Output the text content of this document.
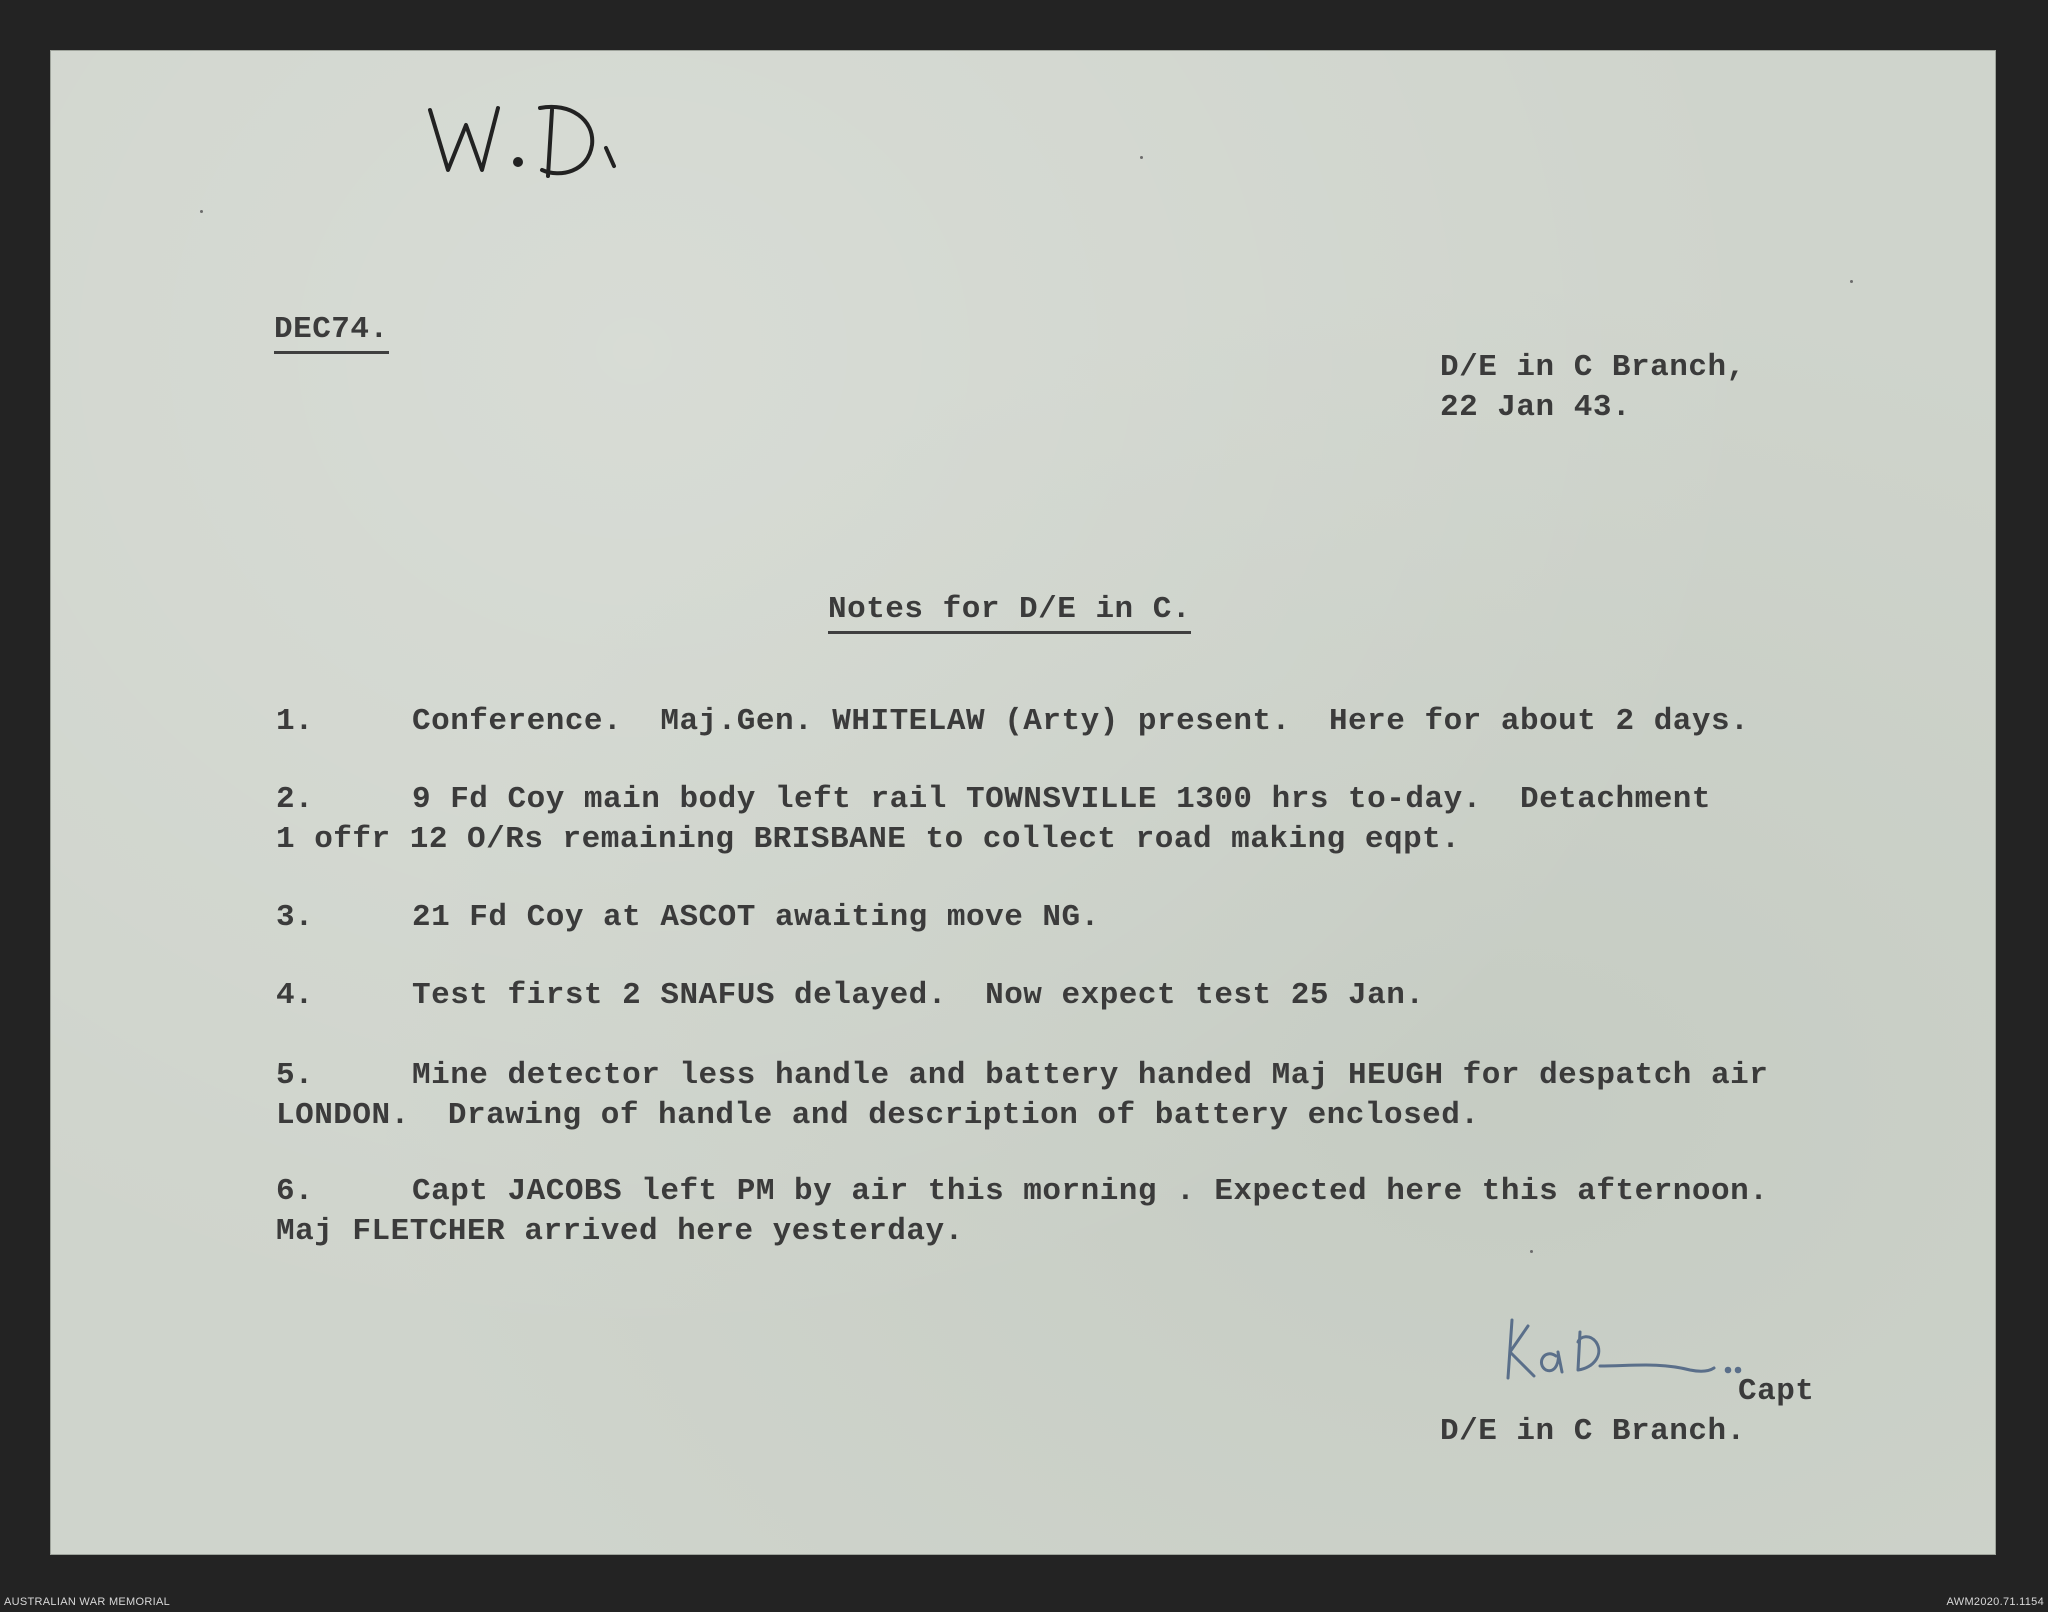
DEC74.
D/E in C Branch,
22 Jan 43.
Notes for D/E in C.
1.	Conference.  Maj.Gen. WHITELAW (Arty) present.  Here for about 2 days.
2.	9 Fd Coy main body left rail TOWNSVILLE 1300 hrs to-day.  Detachment
1 offr 12 O/Rs remaining BRISBANE to collect road making eqpt.
3.	21 Fd Coy at ASCOT awaiting move NG.
4.	Test first 2 SNAFUS delayed.  Now expect test 25 Jan.
5.	Mine detector less handle and battery handed Maj HEUGH for despatch air
LONDON.  Drawing of handle and description of battery enclosed.
6.	Capt JACOBS left PM by air this morning . Expected here this afternoon.
Maj FLETCHER arrived here yesterday.
Capt
D/E in C Branch.
AUSTRALIAN WAR MEMORIAL	AWM2020.71.1154
